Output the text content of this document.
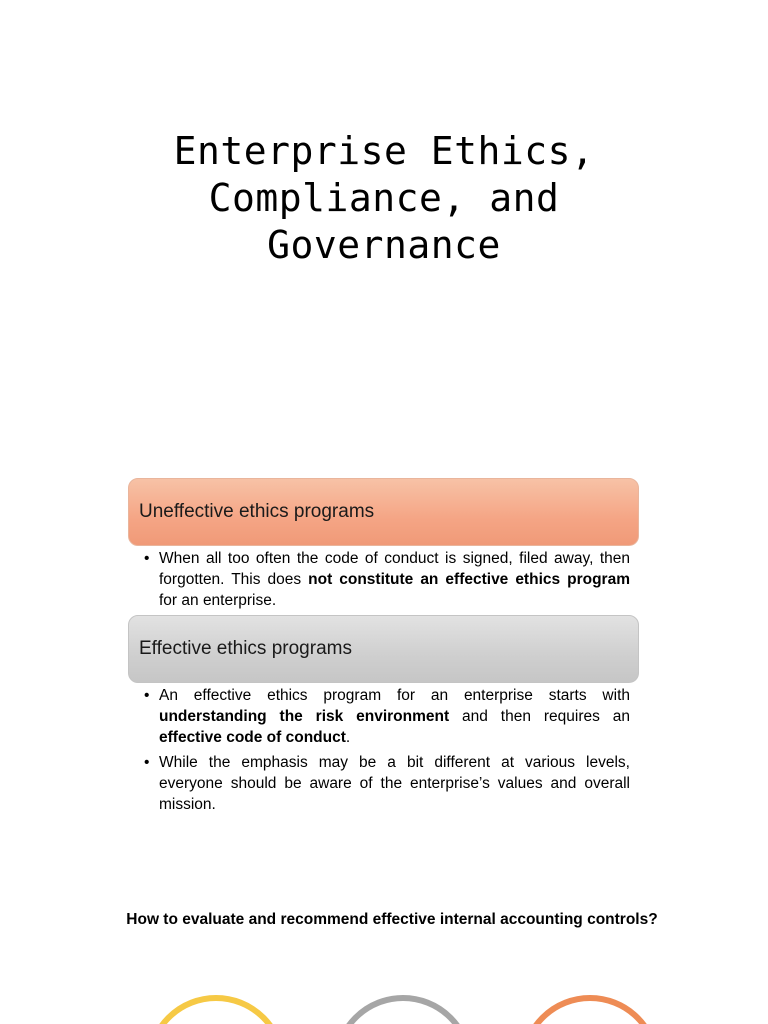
Enterprise Ethics,
Compliance, and
Governance
Uneffective ethics programs
• When all too often the code of conduct is signed, filed away, then forgotten. This does not constitute an effective ethics program for an enterprise.
Effective ethics programs
• An effective ethics program for an enterprise starts with understanding the risk environment and then requires an effective code of conduct.
• While the emphasis may be a bit different at various levels, everyone should be aware of the enterprise’s values and overall mission.
How to evaluate and recommend effective internal accounting controls?
